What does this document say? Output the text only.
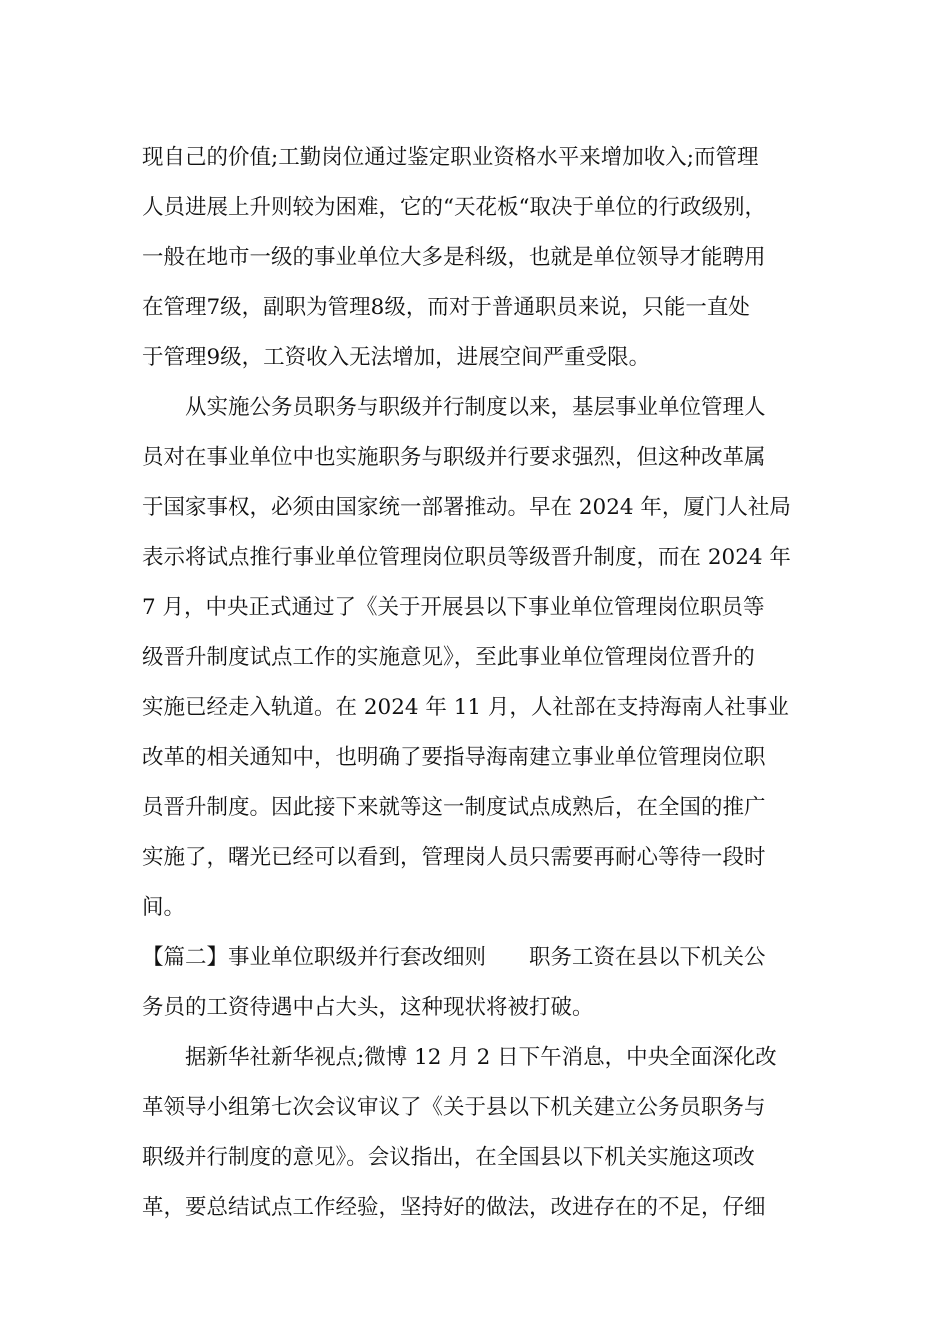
现自己的价值;工勤岗位通过鉴定职业资格水平来增加收入;而管理
人员进展上升则较为困难，它的“天花板“取决于单位的行政级别，
一般在地市一级的事业单位大多是科级，也就是单位领导才能聘用
在管理7级，副职为管理8级，而对于普通职员来说，只能一直处
于管理9级，工资收入无法增加，进展空间严重受限。
从实施公务员职务与职级并行制度以来，基层事业单位管理人
员对在事业单位中也实施职务与职级并行要求强烈，但这种改革属
于国家事权，必须由国家统一部署推动。早在 2024 年，厦门人社局
表示将试点推行事业单位管理岗位职员等级晋升制度，而在 2024 年
7 月，中央正式通过了《关于开展县以下事业单位管理岗位职员等
级晋升制度试点工作的实施意见》，至此事业单位管理岗位晋升的
实施已经走入轨道。在 2024 年 11 月，人社部在支持海南人社事业
改革的相关通知中，也明确了要指导海南建立事业单位管理岗位职
员晋升制度。因此接下来就等这一制度试点成熟后，在全国的推广
实施了，曙光已经可以看到，管理岗人员只需要再耐心等待一段时
间。
【篇二】事业单位职级并行套改细则　　职务工资在县以下机关公
务员的工资待遇中占大头，这种现状将被打破。
据新华社新华视点;微博 12 月 2 日下午消息，中央全面深化改
革领导小组第七次会议审议了《关于县以下机关建立公务员职务与
职级并行制度的意见》。会议指出，在全国县以下机关实施这项改
革，要总结试点工作经验，坚持好的做法，改进存在的不足，仔细
